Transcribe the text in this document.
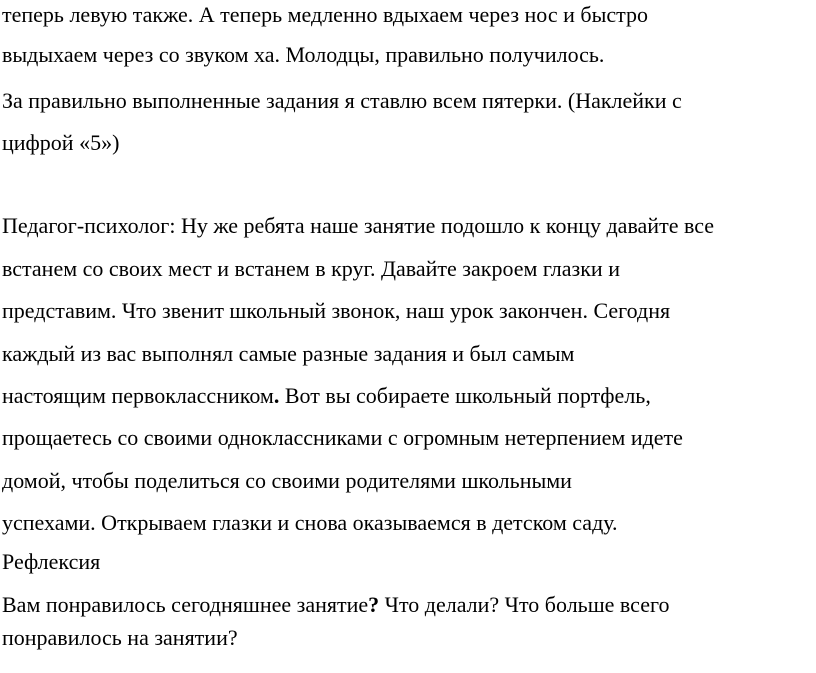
теперь левую также. А теперь медленно вдыхаем через нос и быстро
выдыхаем через со звуком ха. Молодцы, правильно получилось.
За правильно выполненные задания я ставлю всем пятерки. (Наклейки с
цифрой «5»)
Педагог-психолог: Ну же ребята наше занятие подошло к концу давайте все
встанем со своих мест и встанем в круг. Давайте закроем глазки и
представим. Что звенит школьный звонок, наш урок закончен. Сегодня
каждый из вас выполнял самые разные задания и был самым
настоящим первоклассником. Вот вы собираете школьный портфель,
прощаетесь со своими одноклассниками с огромным нетерпением идете
домой, чтобы поделиться со своими родителями школьными
успехами. Открываем глазки и снова оказываемся в детском саду.
Рефлексия
Вам понравилось сегодняшнее занятие? Что делали? Что больше всего
понравилось на занятии?
